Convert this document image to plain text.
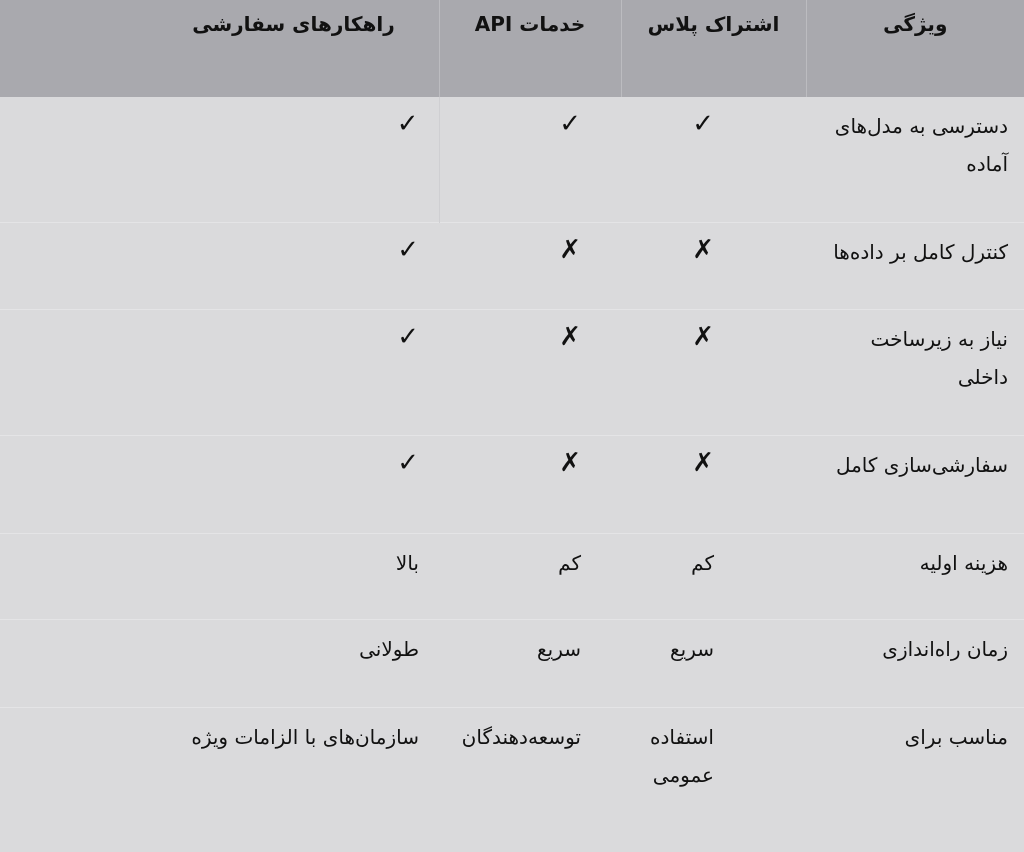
ویژگی	اشتراک پلاس	خدمات API	راهکارهای سفارشی
دسترسی به مدل‌های آماده	✓	✓	✓
کنترل کامل بر داده‌ها	✗	✗	✓
نیاز به زیرساخت داخلی	✗	✗	✓
سفارشی‌سازی کامل	✗	✗	✓
هزینه اولیه	کم	کم	بالا
زمان راه‌اندازی	سریع	سریع	طولانی
مناسب برای	استفاده عمومی	توسعه‌دهندگان	سازمان‌های با الزامات ویژه
